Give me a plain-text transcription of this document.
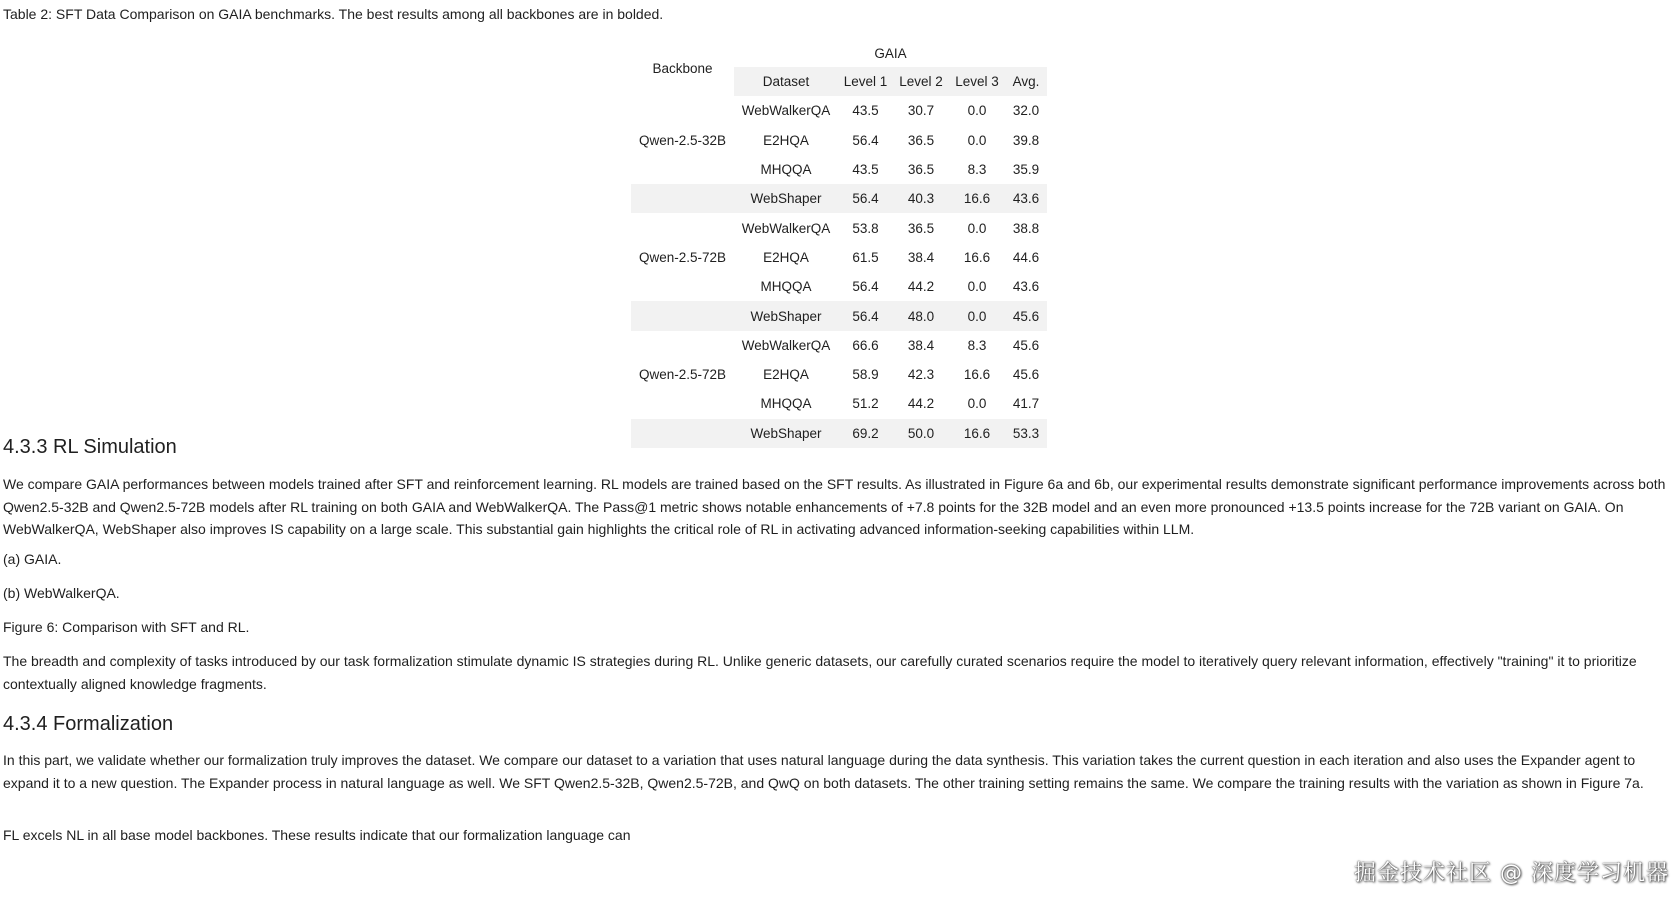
Table 2: SFT Data Comparison on GAIA benchmarks. The best results among all backbones are in bolded.

Backbone	GAIA				
	Dataset	Level 1	Level 2	Level 3	Avg.
	WebWalkerQA	43.5	30.7	0.0	32.0
Qwen-2.5-32B	E2HQA	56.4	36.5	0.0	39.8
	MHQQA	43.5	36.5	8.3	35.9
	WebShaper	56.4	40.3	16.6	43.6
	WebWalkerQA	53.8	36.5	0.0	38.8
Qwen-2.5-72B	E2HQA	61.5	38.4	16.6	44.6
	MHQQA	56.4	44.2	0.0	43.6
	WebShaper	56.4	48.0	0.0	45.6
	WebWalkerQA	66.6	38.4	8.3	45.6
Qwen-2.5-72B	E2HQA	58.9	42.3	16.6	45.6
	MHQQA	51.2	44.2	0.0	41.7
	WebShaper	69.2	50.0	16.6	53.3
4.3.3 RL Simulation

We compare GAIA performances between models trained after SFT and reinforcement learning. RL models are trained based on the SFT results. As illustrated in Figure 6a and 6b, our experimental results demonstrate significant performance improvements across both Qwen2.5-32B and Qwen2.5-72B models after RL training on both GAIA and WebWalkerQA. The Pass@1 metric shows notable enhancements of +7.8 points for the 32B model and an even more pronounced +13.5 points increase for the 72B variant on GAIA. On WebWalkerQA, WebShaper also improves IS capability on a large scale. This substantial gain highlights the critical role of RL in activating advanced information-seeking capabilities within LLM.

(a) GAIA.

(b) WebWalkerQA.

Figure 6: Comparison with SFT and RL.

The breadth and complexity of tasks introduced by our task formalization stimulate dynamic IS strategies during RL. Unlike generic datasets, our carefully curated scenarios require the model to iteratively query relevant information, effectively "training" it to prioritize contextually aligned knowledge fragments.

4.3.4 Formalization

In this part, we validate whether our formalization truly improves the dataset. We compare our dataset to a variation that uses natural language during the data synthesis. This variation takes the current question in each iteration and also uses the Expander agent to expand it to a new question. The Expander process in natural language as well. We SFT Qwen2.5-32B, Qwen2.5-72B, and QwQ on both datasets. The other training setting remains the same. We compare the training results with the variation as shown in Figure 7a.

FL excels NL in all base model backbones. These results indicate that our formalization language can

掘金技术社区 @ 深度学习机器
